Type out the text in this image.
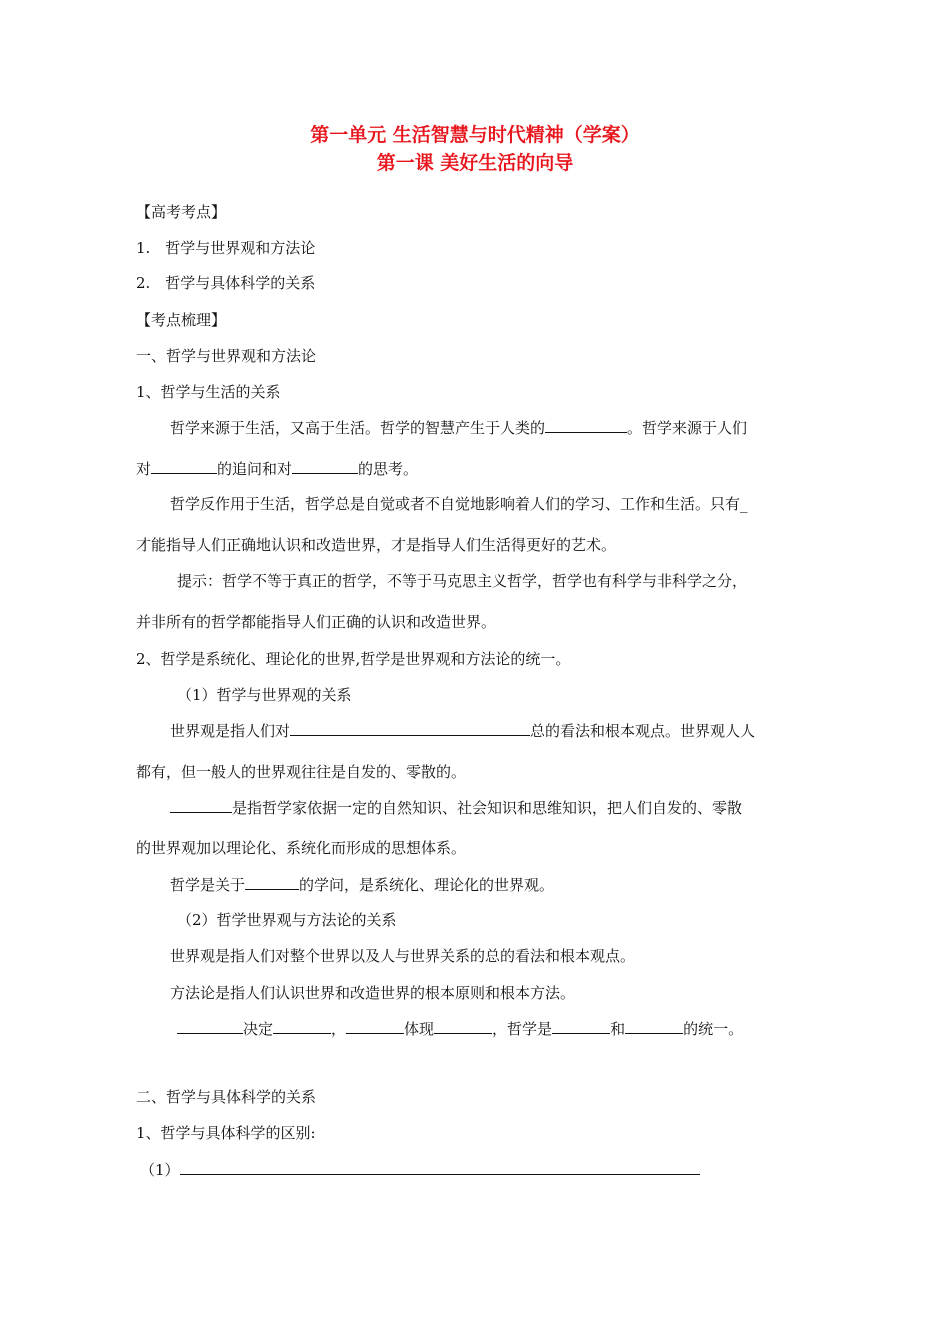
第一单元 生活智慧与时代精神（学案）
第一课 美好生活的向导
【高考考点】
1.　哲学与世界观和方法论
2.　哲学与具体科学的关系
【考点梳理】
一、哲学与世界观和方法论
1、哲学与生活的关系
哲学来源于生活，又高于生活。哲学的智慧产生于人类的	。哲学来源于人们
对	的追问和对	的思考。
哲学反作用于生活，哲学总是自觉或者不自觉地影响着人们的学习、工作和生活。只有_
才能指导人们正确地认识和改造世界，才是指导人们生活得更好的艺术。
提示：哲学不等于真正的哲学，不等于马克思主义哲学，哲学也有科学与非科学之分，
并非所有的哲学都能指导人们正确的认识和改造世界。
2、哲学是系统化、理论化的世界,哲学是世界观和方法论的统一。
（1）哲学与世界观的关系
世界观是指人们对	总的看法和根本观点。世界观人人
都有，但一般人的世界观往往是自发的、零散的。
是指哲学家依据一定的自然知识、社会知识和思维知识，把人们自发的、零散
的世界观加以理论化、系统化而形成的思想体系。
哲学是关于	的学问，是系统化、理论化的世界观。
（2）哲学世界观与方法论的关系
世界观是指人们对整个世界以及人与世界关系的总的看法和根本观点。
方法论是指人们认识世界和改造世界的根本原则和根本方法。
决定	，	体现	，哲学是	和	的统一。
二、哲学与具体科学的关系
1、哲学与具体科学的区别:
（1）
